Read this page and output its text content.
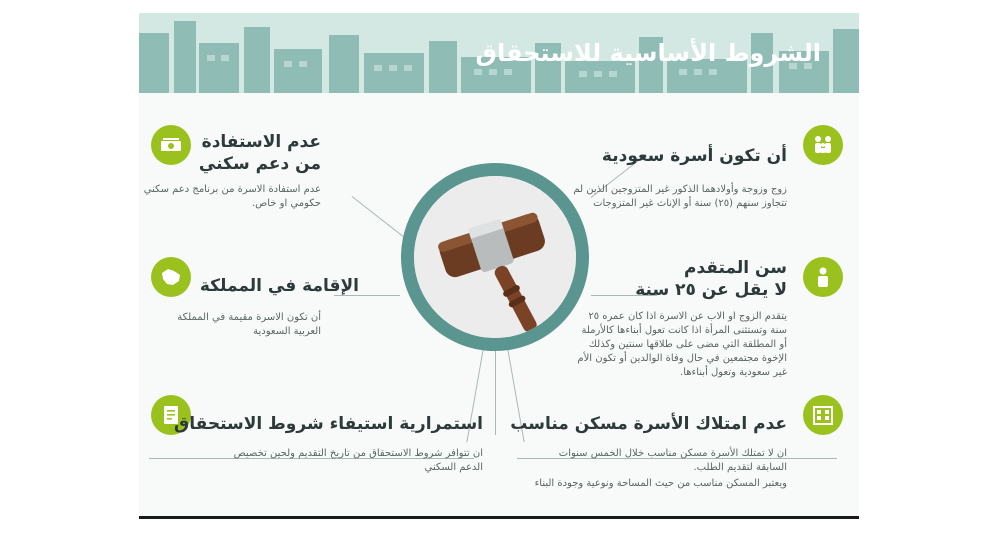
الشروط الأساسية للاستحقاق
أن تكون أسرة سعودية
زوج وزوجة وأولادهما الذكور غير المتزوجين الذين لم تتجاوز سنهم (٢٥) سنة أو الإناث غير المتزوجات
سن المتقدم
لا يقل عن ٢٥ سنة
يتقدم الزوج او الاب عن الاسرة اذا كان عمره ٢٥ سنة وتستثنى المرأة اذا كانت تعول أبناءها كالأرملة أو المطلقة التي مضى على طلاقها سنتين وكذلك الإخوة مجتمعين في حال وفاة الوالدين أو تكون الأم غير سعودية وتعول أبناءها.
عدم امتلاك الأسرة مسكن مناسب
ان لا تمتلك الأسرة مسكن مناسب خلال الخمس سنوات السابقة لتقديم الطلب.
ويعتبر المسكن مناسب من حيث المساحة ونوعية وجودة البناء
عدم الاستفادة
من دعم سكني
عدم استفادة الاسرة من برنامج دعم سكني حكومي او خاص.
الإقامة في المملكة
أن تكون الاسرة مقيمة في المملكة العربية السعودية
استمرارية استيفاء شروط الاستحقاق
ان تتوافر شروط الاستحقاق من تاريخ التقديم ولحين تخصيص الدعم السكني
